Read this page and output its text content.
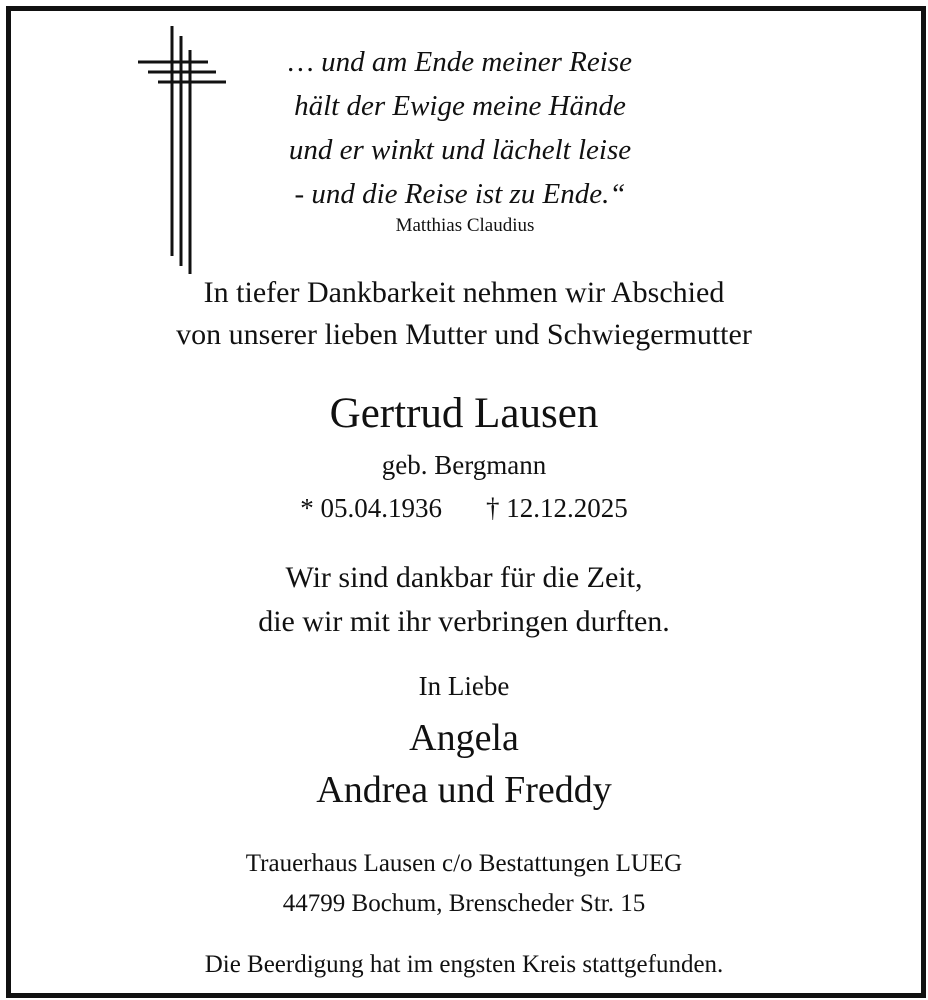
… und am Ende meiner Reise
hält der Ewige meine Hände
und er winkt und lächelt leise
- und die Reise ist zu Ende.“
Matthias Claudius
In tiefer Dankbarkeit nehmen wir Abschied
von unserer lieben Mutter und Schwiegermutter
Gertrud Lausen
geb. Bergmann
* 05.04.1936 † 12.12.2025
Wir sind dankbar für die Zeit,
die wir mit ihr verbringen durften.
In Liebe
Angela
Andrea und Freddy
Trauerhaus Lausen c/o Bestattungen LUEG
44799 Bochum, Brenscheder Str. 15
Die Beerdigung hat im engsten Kreis stattgefunden.
